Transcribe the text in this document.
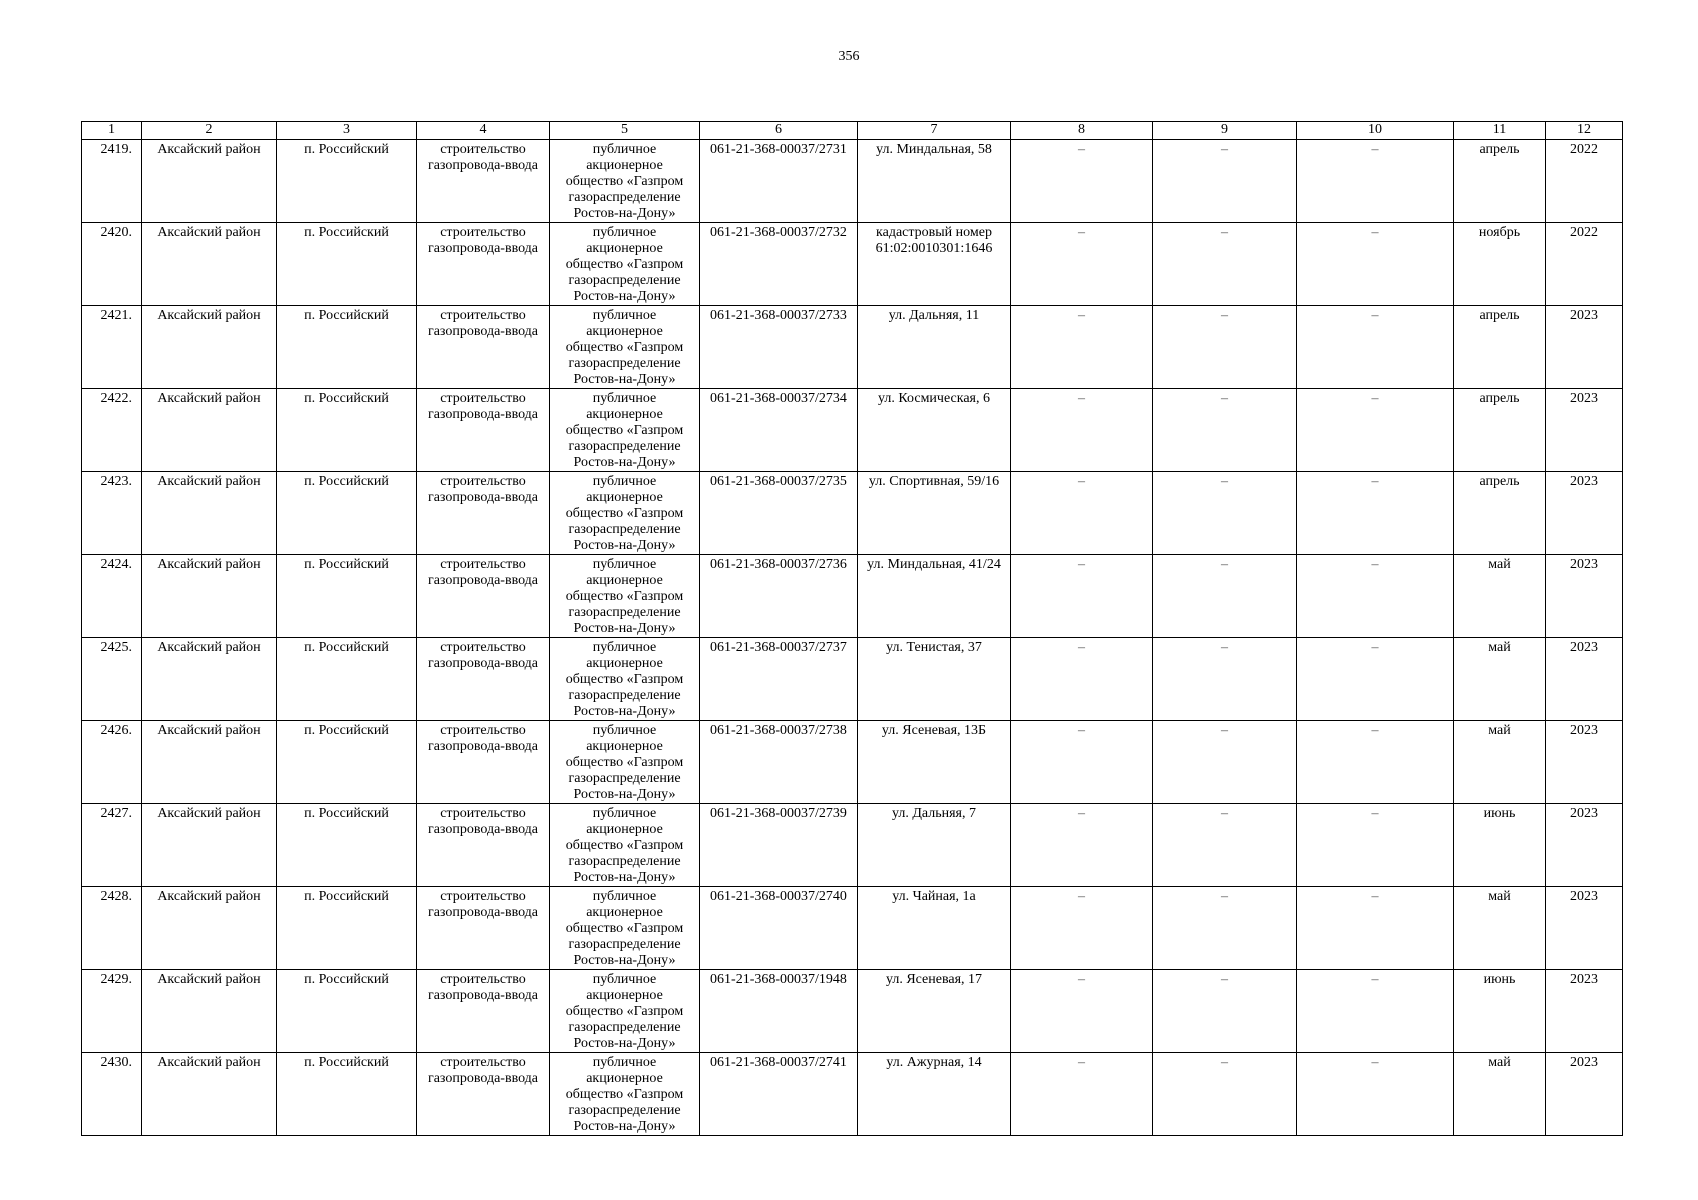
356
1	2	3	4	5	6	7	8	9	10	11	12
2419.	Аксайский район	п. Российский	строительство газопровода-ввода	публичное
акционерное
общество «Газпром
газораспределение
Ростов-на-Дону»	061-21-368-00037/2731	ул. Миндальная, 58	–	–	–	апрель	2022
2420.	Аксайский район	п. Российский	строительство газопровода-ввода	публичное
акционерное
общество «Газпром
газораспределение
Ростов-на-Дону»	061-21-368-00037/2732	кадастровый номер
61:02:0010301:1646	–	–	–	ноябрь	2022
2421.	Аксайский район	п. Российский	строительство газопровода-ввода	публичное
акционерное
общество «Газпром
газораспределение
Ростов-на-Дону»	061-21-368-00037/2733	ул. Дальняя, 11	–	–	–	апрель	2023
2422.	Аксайский район	п. Российский	строительство газопровода-ввода	публичное
акционерное
общество «Газпром
газораспределение
Ростов-на-Дону»	061-21-368-00037/2734	ул. Космическая, 6	–	–	–	апрель	2023
2423.	Аксайский район	п. Российский	строительство газопровода-ввода	публичное
акционерное
общество «Газпром
газораспределение
Ростов-на-Дону»	061-21-368-00037/2735	ул. Спортивная, 59/16	–	–	–	апрель	2023
2424.	Аксайский район	п. Российский	строительство газопровода-ввода	публичное
акционерное
общество «Газпром
газораспределение
Ростов-на-Дону»	061-21-368-00037/2736	ул. Миндальная, 41/24	–	–	–	май	2023
2425.	Аксайский район	п. Российский	строительство газопровода-ввода	публичное
акционерное
общество «Газпром
газораспределение
Ростов-на-Дону»	061-21-368-00037/2737	ул. Тенистая, 37	–	–	–	май	2023
2426.	Аксайский район	п. Российский	строительство газопровода-ввода	публичное
акционерное
общество «Газпром
газораспределение
Ростов-на-Дону»	061-21-368-00037/2738	ул. Ясеневая, 13Б	–	–	–	май	2023
2427.	Аксайский район	п. Российский	строительство газопровода-ввода	публичное
акционерное
общество «Газпром
газораспределение
Ростов-на-Дону»	061-21-368-00037/2739	ул. Дальняя, 7	–	–	–	июнь	2023
2428.	Аксайский район	п. Российский	строительство газопровода-ввода	публичное
акционерное
общество «Газпром
газораспределение
Ростов-на-Дону»	061-21-368-00037/2740	ул. Чайная, 1а	–	–	–	май	2023
2429.	Аксайский район	п. Российский	строительство газопровода-ввода	публичное
акционерное
общество «Газпром
газораспределение
Ростов-на-Дону»	061-21-368-00037/1948	ул. Ясеневая, 17	–	–	–	июнь	2023
2430.	Аксайский район	п. Российский	строительство газопровода-ввода	публичное
акционерное
общество «Газпром
газораспределение
Ростов-на-Дону»	061-21-368-00037/2741	ул. Ажурная, 14	–	–	–	май	2023
